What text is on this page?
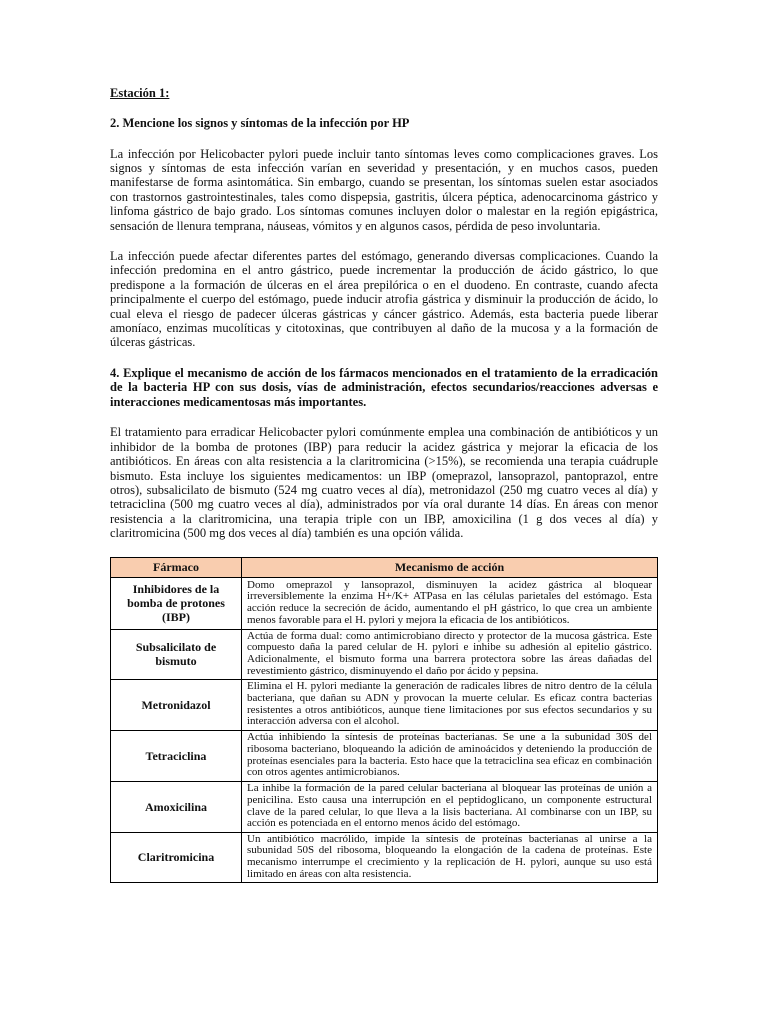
Estación 1:
2. Mencione los signos y síntomas de la infección por HP

La infección por Helicobacter pylori puede incluir tanto síntomas leves como complicaciones graves. Los signos y síntomas de esta infección varían en severidad y presentación, y en muchos casos, pueden manifestarse de forma asintomática. Sin embargo, cuando se presentan, los síntomas suelen estar asociados con trastornos gastrointestinales, tales como dispepsia, gastritis, úlcera péptica, adenocarcinoma gástrico y linfoma gástrico de bajo grado. Los síntomas comunes incluyen dolor o malestar en la región epigástrica, sensación de llenura temprana, náuseas, vómitos y en algunos casos, pérdida de peso involuntaria.

La infección puede afectar diferentes partes del estómago, generando diversas complicaciones. Cuando la infección predomina en el antro gástrico, puede incrementar la producción de ácido gástrico, lo que predispone a la formación de úlceras en el área prepilórica o en el duodeno. En contraste, cuando afecta principalmente el cuerpo del estómago, puede inducir atrofia gástrica y disminuir la producción de ácido, lo cual eleva el riesgo de padecer úlceras gástricas y cáncer gástrico. Además, esta bacteria puede liberar amoníaco, enzimas mucolíticas y citotoxinas, que contribuyen al daño de la mucosa y a la formación de úlceras gástricas.

4. Explique el mecanismo de acción de los fármacos mencionados en el tratamiento de la erradicación de la bacteria HP con sus dosis, vías de administración, efectos secundarios/reacciones adversas e interacciones medicamentosas más importantes.

El tratamiento para erradicar Helicobacter pylori comúnmente emplea una combinación de antibióticos y un inhibidor de la bomba de protones (IBP) para reducir la acidez gástrica y mejorar la eficacia de los antibióticos. En áreas con alta resistencia a la claritromicina (>15%), se recomienda una terapia cuádruple bismuto. Esta incluye los siguientes medicamentos: un IBP (omeprazol, lansoprazol, pantoprazol, entre otros), subsalicilato de bismuto (524 mg cuatro veces al día), metronidazol (250 mg cuatro veces al día) y tetraciclina (500 mg cuatro veces al día), administrados por vía oral durante 14 días. En áreas con menor resistencia a la claritromicina, una terapia triple con un IBP, amoxicilina (1 g dos veces al día) y claritromicina (500 mg dos veces al día) también es una opción válida.

Fármaco	Mecanismo de acción
Inhibidores de la bomba de protones (IBP)	Domo omeprazol y lansoprazol, disminuyen la acidez gástrica al bloquear irreversiblemente la enzima H+/K+ ATPasa en las células parietales del estómago. Esta acción reduce la secreción de ácido, aumentando el pH gástrico, lo que crea un ambiente menos favorable para el H. pylori y mejora la eficacia de los antibióticos.
Subsalicilato de bismuto	Actúa de forma dual: como antimicrobiano directo y protector de la mucosa gástrica. Este compuesto daña la pared celular de H. pylori e inhibe su adhesión al epitelio gástrico. Adicionalmente, el bismuto forma una barrera protectora sobre las áreas dañadas del revestimiento gástrico, disminuyendo el daño por ácido y pepsina.
Metronidazol	Elimina el H. pylori mediante la generación de radicales libres de nitro dentro de la célula bacteriana, que dañan su ADN y provocan la muerte celular. Es eficaz contra bacterias resistentes a otros antibióticos, aunque tiene limitaciones por sus efectos secundarios y su interacción adversa con el alcohol.
Tetraciclina	Actúa inhibiendo la síntesis de proteínas bacterianas. Se une a la subunidad 30S del ribosoma bacteriano, bloqueando la adición de aminoácidos y deteniendo la producción de proteínas esenciales para la bacteria. Esto hace que la tetraciclina sea eficaz en combinación con otros agentes antimicrobianos.
Amoxicilina	La inhibe la formación de la pared celular bacteriana al bloquear las proteínas de unión a penicilina. Esto causa una interrupción en el peptidoglicano, un componente estructural clave de la pared celular, lo que lleva a la lisis bacteriana. Al combinarse con un IBP, su acción es potenciada en el entorno menos ácido del estómago.
Claritromicina	Un antibiótico macrólido, impide la síntesis de proteínas bacterianas al unirse a la subunidad 50S del ribosoma, bloqueando la elongación de la cadena de proteínas. Este mecanismo interrumpe el crecimiento y la replicación de H. pylori, aunque su uso está limitado en áreas con alta resistencia.
